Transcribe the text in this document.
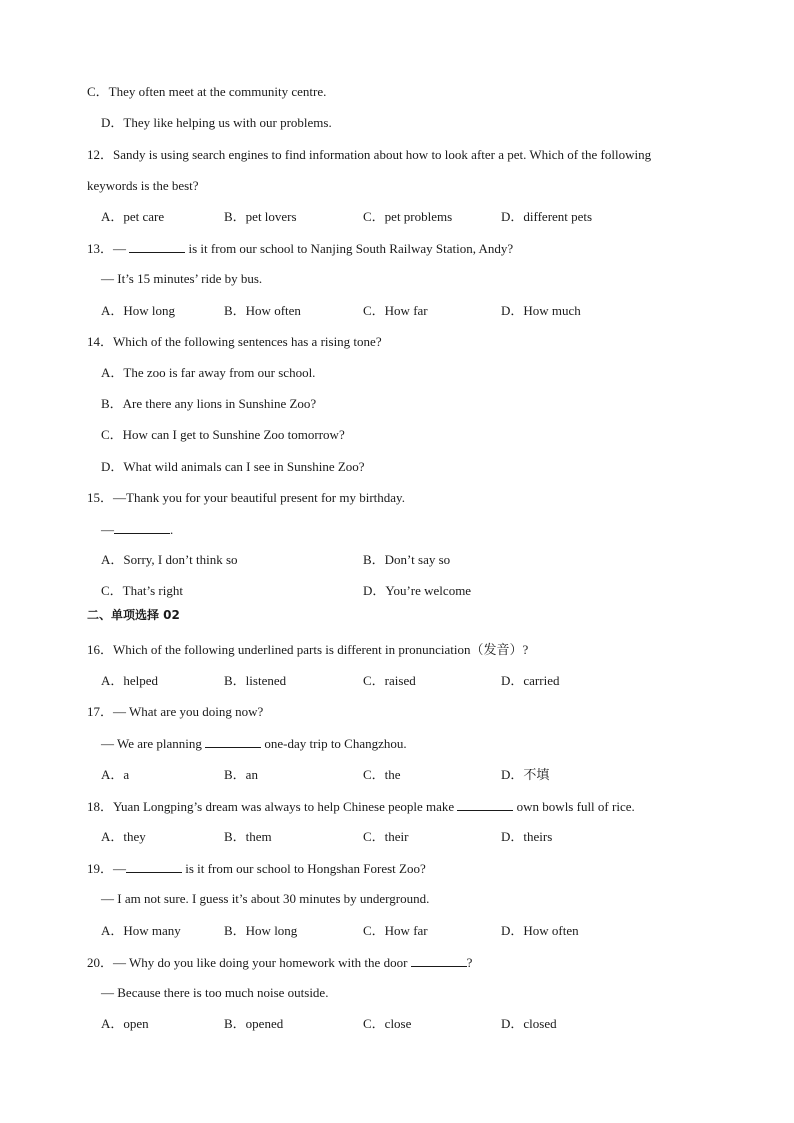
C．They often meet at the community centre.
D．They like helping us with our problems.
12．Sandy is using search engines to find information about how to look after a pet. Which of the following
keywords is the best?
A．pet care	B．pet lovers	C．pet problems	D．different pets
13．—	is it from our school to Nanjing South Railway Station, Andy?
— It’s 15 minutes’ ride by bus.
A．How long	B．How often	C．How far	D．How much
14．Which of the following sentences has a rising tone?
A．The zoo is far away from our school.
B．Are there any lions in Sunshine Zoo?
C．How can I get to Sunshine Zoo tomorrow?
D．What wild animals can I see in Sunshine Zoo?
15．—Thank you for your beautiful present for my birthday.
—	.
A．Sorry, I don’t think so	B．Don’t say so
C．That’s right	D．You’re welcome
二、单项选择 02
16．Which of the following underlined parts is different in pronunciation（发音）?
A．helped	B．listened	C．raised	D．carried
17．— What are you doing now?
— We are planning	one-day trip to Changzhou.
A．a	B．an	C．the	D．不填
18．Yuan Longping’s dream was always to help Chinese people make	own bowls full of rice.
A．they	B．them	C．their	D．theirs
19．—	is it from our school to Hongshan Forest Zoo?
— I am not sure. I guess it’s about 30 minutes by underground.
A．How many	B．How long	C．How far	D．How often
20．— Why do you like doing your homework with the door	?
— Because there is too much noise outside.
A．open	B．opened	C．close	D．closed
